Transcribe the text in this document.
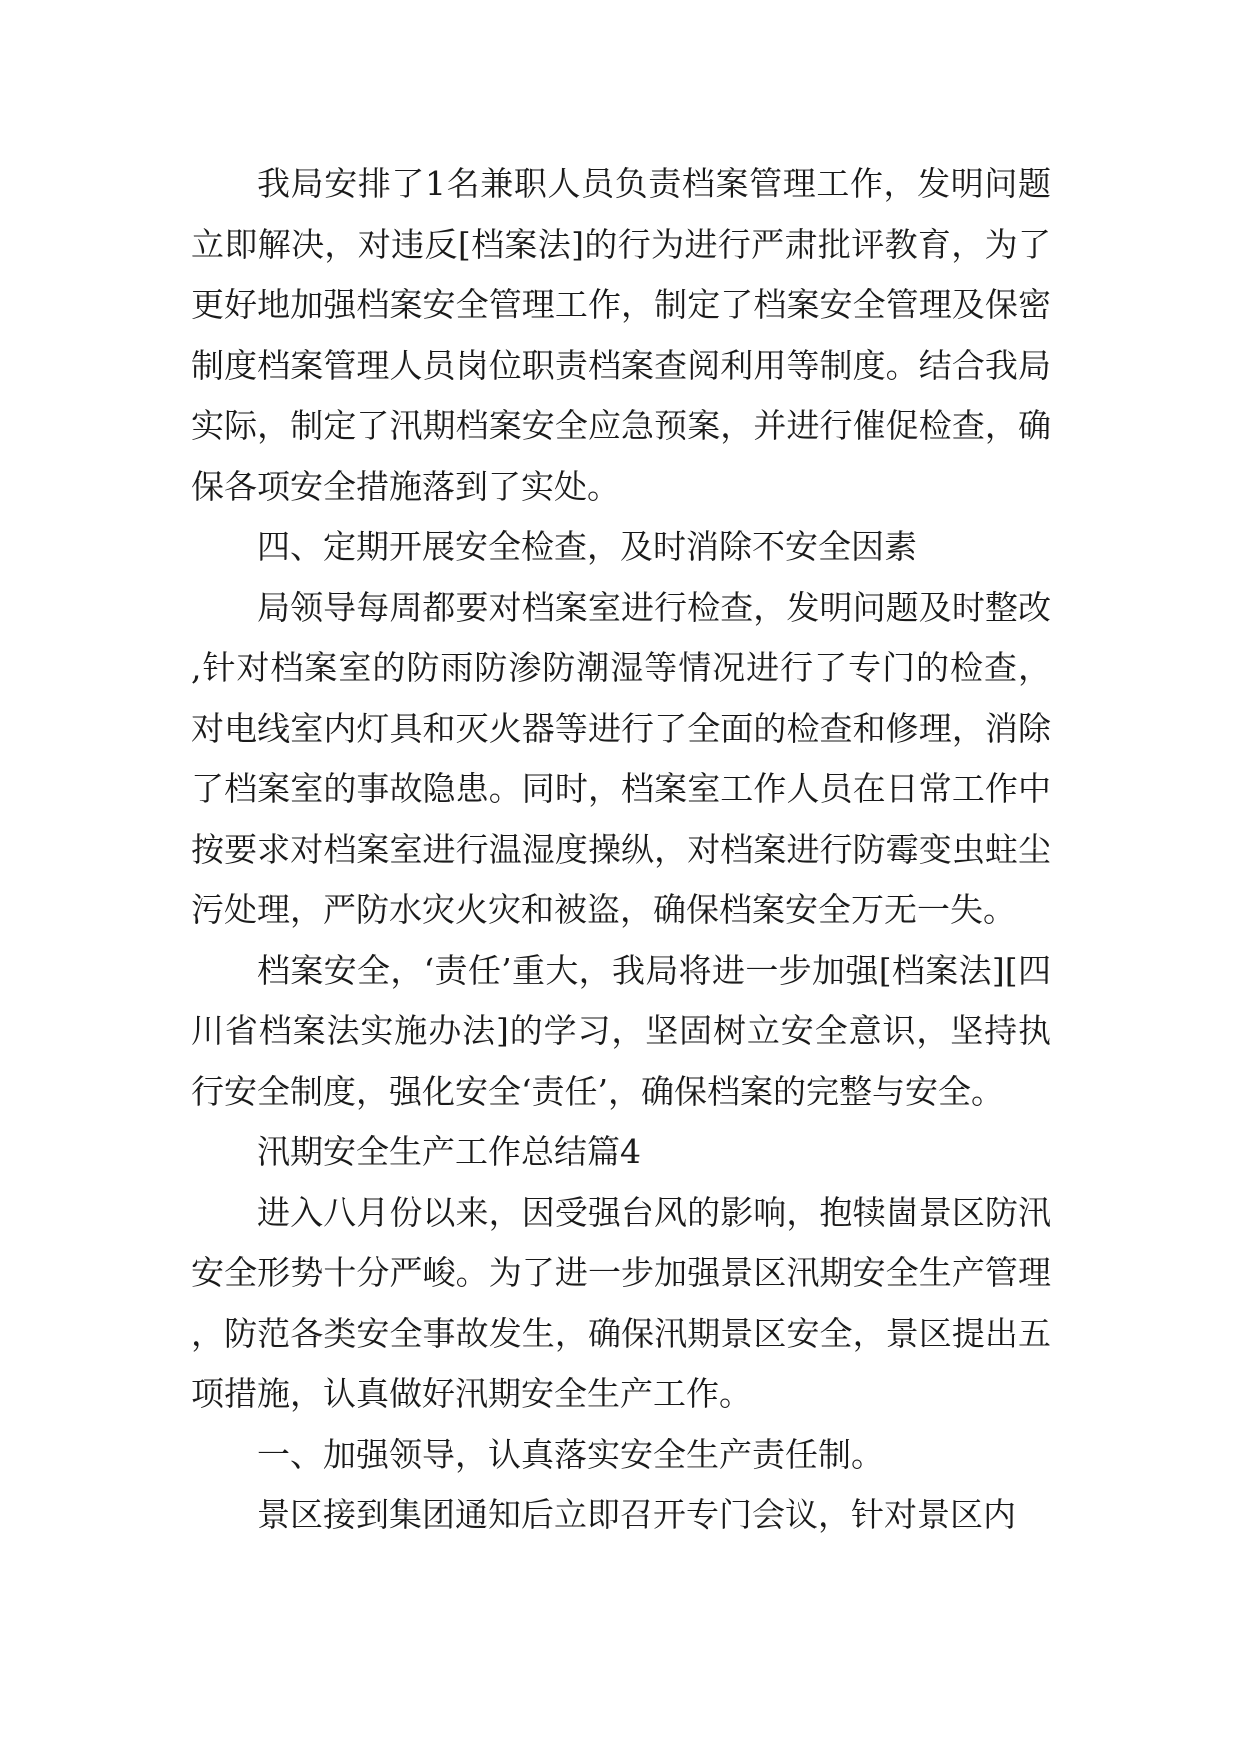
我局安排了1名兼职人员负责档案管理工作，发明问题立即解决，对违反[档案法]的行为进行严肃批评教育，为了更好地加强档案安全管理工作，制定了档案安全管理及保密制度档案管理人员岗位职责档案查阅利用等制度。结合我局实际，制定了汛期档案安全应急预案，并进行催促检查，确保各项安全措施落到了实处。

四、定期开展安全检查，及时消除不安全因素

局领导每周都要对档案室进行检查，发明问题及时整改,针对档案室的防雨防渗防潮湿等情况进行了专门的检查，对电线室内灯具和灭火器等进行了全面的检查和修理，消除了档案室的事故隐患。同时，档案室工作人员在日常工作中按要求对档案室进行温湿度操纵，对档案进行防霉变虫蛀尘污处理，严防水灾火灾和被盗，确保档案安全万无一失。

档案安全，‘责任’重大，我局将进一步加强[档案法][四川省档案法实施办法]的学习，坚固树立安全意识，坚持执行安全制度，强化安全‘责任’，确保档案的完整与安全。

汛期安全生产工作总结篇4

进入八月份以来，因受强台风的影响，抱犊崮景区防汛安全形势十分严峻。为了进一步加强景区汛期安全生产管理，防范各类安全事故发生，确保汛期景区安全，景区提出五项措施，认真做好汛期安全生产工作。

一、加强领导，认真落实安全生产责任制。

景区接到集团通知后立即召开专门会议，针对景区内
